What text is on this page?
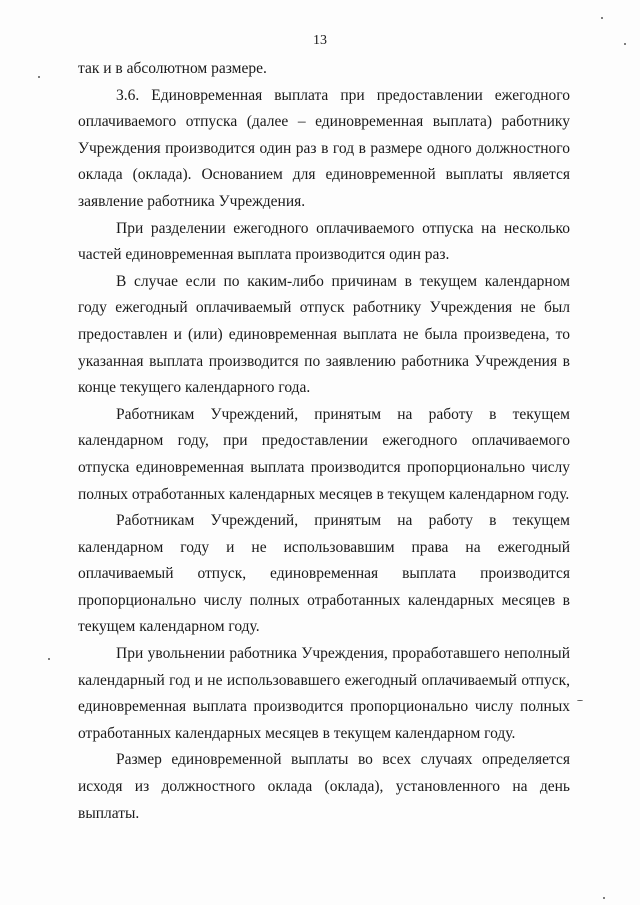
13

так и в абсолютном размере.

3.6. Единовременная выплата при предоставлении ежегодного оплачиваемого отпуска (далее – единовременная выплата) работнику Учреждения производится один раз в год в размере одного должностного оклада (оклада). Основанием для единовременной выплаты является заявление работника Учреждения.

При разделении ежегодного оплачиваемого отпуска на несколько частей единовременная выплата производится один раз.

В случае если по каким-либо причинам в текущем календарном году ежегодный оплачиваемый отпуск работнику Учреждения не был предоставлен и (или) единовременная выплата не была произведена, то указанная выплата производится по заявлению работника Учреждения в конце текущего календарного года.

Работникам Учреждений, принятым на работу в текущем календарном году, при предоставлении ежегодного оплачиваемого отпуска единовременная выплата производится пропорционально числу полных отработанных календарных месяцев в текущем календарном году.

Работникам Учреждений, принятым на работу в текущем календарном году и не использовавшим права на ежегодный оплачиваемый отпуск, единовременная выплата производится пропорционально числу полных отработанных календарных месяцев в текущем календарном году.

При увольнении работника Учреждения, проработавшего неполный календарный год и не использовавшего ежегодный оплачиваемый отпуск, единовременная выплата производится пропорционально числу полных отработанных календарных месяцев в текущем календарном году.

Размер единовременной выплаты во всех случаях определяется исходя из должностного оклада (оклада), установленного на день выплаты.
